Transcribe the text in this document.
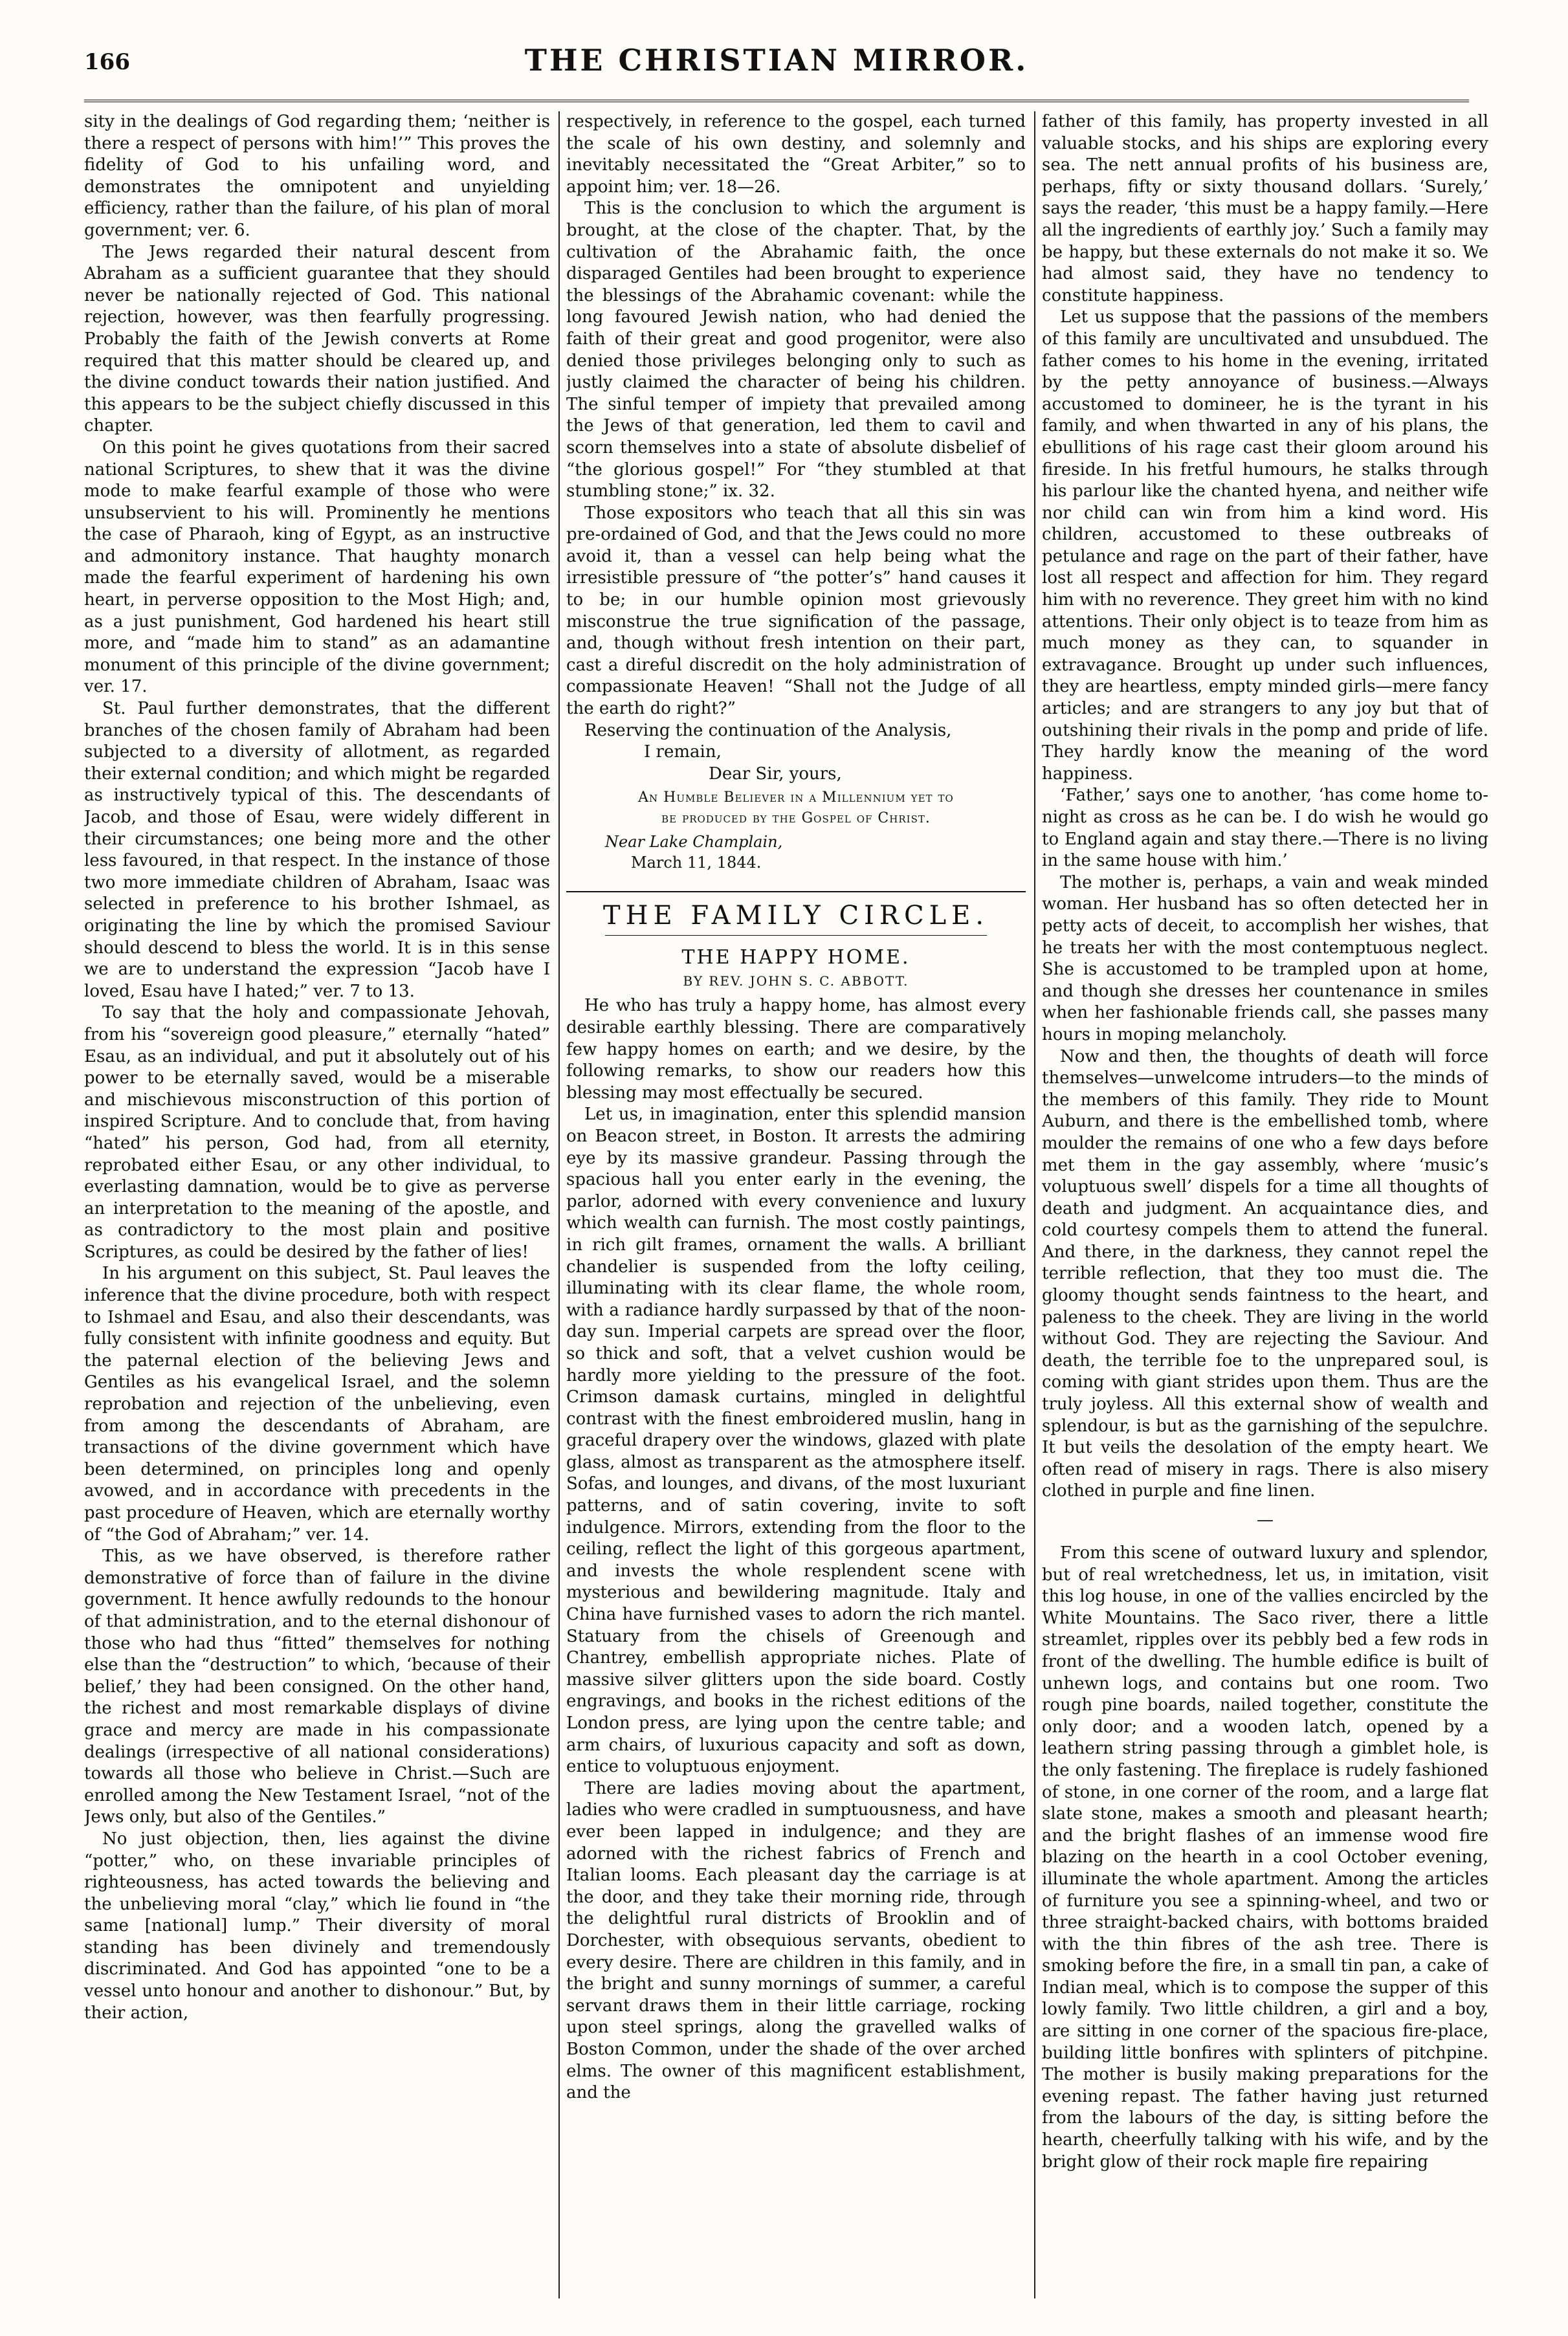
166	THE CHRISTIAN MIRROR.

sity in the dealings of God regarding them; ‘neither is there a respect of persons with him!’” This proves the fidelity of God to his unfailing word, and demonstrates the omnipotent and unyielding efficiency, rather than the failure, of his plan of moral government; ver. 6.

The Jews regarded their natural descent from Abraham as a sufficient guarantee that they should never be nationally rejected of God. This national rejection, however, was then fearfully progressing. Probably the faith of the Jewish converts at Rome required that this matter should be cleared up, and the divine conduct towards their nation justified. And this appears to be the subject chiefly discussed in this chapter.

On this point he gives quotations from their sacred national Scriptures, to shew that it was the divine mode to make fearful example of those who were unsubservient to his will. Prominently he mentions the case of Pharaoh, king of Egypt, as an instructive and admonitory instance. That haughty monarch made the fearful experiment of hardening his own heart, in perverse opposition to the Most High; and, as a just punishment, God hardened his heart still more, and “made him to stand” as an adamantine monument of this principle of the divine government; ver. 17.

St. Paul further demonstrates, that the different branches of the chosen family of Abraham had been subjected to a diversity of allotment, as regarded their external condition; and which might be regarded as instructively typical of this. The descendants of Jacob, and those of Esau, were widely different in their circumstances; one being more and the other less favoured, in that respect. In the instance of those two more immediate children of Abraham, Isaac was selected in preference to his brother Ishmael, as originating the line by which the promised Saviour should descend to bless the world. It is in this sense we are to understand the expression “Jacob have I loved, Esau have I hated;” ver. 7 to 13.

To say that the holy and compassionate Jehovah, from his “sovereign good pleasure,” eternally “hated” Esau, as an individual, and put it absolutely out of his power to be eternally saved, would be a miserable and mischievous misconstruction of this portion of inspired Scripture. And to conclude that, from having “hated” his person, God had, from all eternity, reprobated either Esau, or any other individual, to everlasting damnation, would be to give as perverse an interpretation to the meaning of the apostle, and as contradictory to the most plain and positive Scriptures, as could be desired by the father of lies!

In his argument on this subject, St. Paul leaves the inference that the divine procedure, both with respect to Ishmael and Esau, and also their descendants, was fully consistent with infinite goodness and equity. But the paternal election of the believing Jews and Gentiles as his evangelical Israel, and the solemn reprobation and rejection of the unbelieving, even from among the descendants of Abraham, are transactions of the divine government which have been determined, on principles long and openly avowed, and in accordance with precedents in the past procedure of Heaven, which are eternally worthy of “the God of Abraham;” ver. 14.

This, as we have observed, is therefore rather demonstrative of force than of failure in the divine government. It hence awfully redounds to the honour of that administration, and to the eternal dishonour of those who had thus “fitted” themselves for nothing else than the “destruction” to which, ‘because of their belief,’ they had been consigned. On the other hand, the richest and most remarkable displays of divine grace and mercy are made in his compassionate dealings (irrespective of all national considerations) towards all those who believe in Christ.—Such are enrolled among the New Testament Israel, “not of the Jews only, but also of the Gentiles.”

No just objection, then, lies against the divine “potter,” who, on these invariable principles of righteousness, has acted towards the believing and the unbelieving moral “clay,” which lie found in “the same [national] lump.” Their diversity of moral standing has been divinely and tremendously discriminated. And God has appointed “one to be a vessel unto honour and another to dishonour.” But, by their action,

respectively, in reference to the gospel, each turned the scale of his own destiny, and solemnly and inevitably necessitated the “Great Arbiter,” so to appoint him; ver. 18—26.

This is the conclusion to which the argument is brought, at the close of the chapter. That, by the cultivation of the Abrahamic faith, the once disparaged Gentiles had been brought to experience the blessings of the Abrahamic covenant: while the long favoured Jewish nation, who had denied the faith of their great and good progenitor, were also denied those privileges belonging only to such as justly claimed the character of being his children. The sinful temper of impiety that prevailed among the Jews of that generation, led them to cavil and scorn themselves into a state of absolute disbelief of “the glorious gospel!” For “they stumbled at that stumbling stone;” ix. 32.

Those expositors who teach that all this sin was pre-ordained of God, and that the Jews could no more avoid it, than a vessel can help being what the irresistible pressure of “the potter’s” hand causes it to be; in our humble opinion most grievously misconstrue the true signification of the passage, and, though without fresh intention on their part, cast a direful discredit on the holy administration of compassionate Heaven! “Shall not the Judge of all the earth do right?”

Reserving the continuation of the Analysis,
I remain,
Dear Sir, yours,
An Humble Believer in a Millennium yet to
be produced by the Gospel of Christ.
Near Lake Champlain,
March 11, 1844.
THE FAMILY CIRCLE.
THE HAPPY HOME.
BY REV. JOHN S. C. ABBOTT.

He who has truly a happy home, has almost every desirable earthly blessing. There are comparatively few happy homes on earth; and we desire, by the following remarks, to show our readers how this blessing may most effectually be secured.

Let us, in imagination, enter this splendid mansion on Beacon street, in Boston. It arrests the admiring eye by its massive grandeur. Passing through the spacious hall you enter early in the evening, the parlor, adorned with every convenience and luxury which wealth can furnish. The most costly paintings, in rich gilt frames, ornament the walls. A brilliant chandelier is suspended from the lofty ceiling, illuminating with its clear flame, the whole room, with a radiance hardly surpassed by that of the noon-day sun. Imperial carpets are spread over the floor, so thick and soft, that a velvet cushion would be hardly more yielding to the pressure of the foot. Crimson damask curtains, mingled in delightful contrast with the finest embroidered muslin, hang in graceful drapery over the windows, glazed with plate glass, almost as transparent as the atmosphere itself. Sofas, and lounges, and divans, of the most luxuriant patterns, and of satin covering, invite to soft indulgence. Mirrors, extending from the floor to the ceiling, reflect the light of this gorgeous apartment, and invests the whole resplendent scene with mysterious and bewildering magnitude. Italy and China have furnished vases to adorn the rich mantel. Statuary from the chisels of Greenough and Chantrey, embellish appropriate niches. Plate of massive silver glitters upon the side board. Costly engravings, and books in the richest editions of the London press, are lying upon the centre table; and arm chairs, of luxurious capacity and soft as down, entice to voluptuous enjoyment.

There are ladies moving about the apartment, ladies who were cradled in sumptuousness, and have ever been lapped in indulgence; and they are adorned with the richest fabrics of French and Italian looms. Each pleasant day the carriage is at the door, and they take their morning ride, through the delightful rural districts of Brooklin and of Dorchester, with obsequious servants, obedient to every desire. There are children in this family, and in the bright and sunny mornings of summer, a careful servant draws them in their little carriage, rocking upon steel springs, along the gravelled walks of Boston Common, under the shade of the over arched elms. The owner of this magnificent establishment, and the

father of this family, has property invested in all valuable stocks, and his ships are exploring every sea. The nett annual profits of his business are, perhaps, fifty or sixty thousand dollars. ‘Surely,’ says the reader, ‘this must be a happy family.—Here all the ingredients of earthly joy.’ Such a family may be happy, but these externals do not make it so. We had almost said, they have no tendency to constitute happiness.

Let us suppose that the passions of the members of this family are uncultivated and unsubdued. The father comes to his home in the evening, irritated by the petty annoyance of business.—Always accustomed to domineer, he is the tyrant in his family, and when thwarted in any of his plans, the ebullitions of his rage cast their gloom around his fireside. In his fretful humours, he stalks through his parlour like the chanted hyena, and neither wife nor child can win from him a kind word. His children, accustomed to these outbreaks of petulance and rage on the part of their father, have lost all respect and affection for him. They regard him with no reverence. They greet him with no kind attentions. Their only object is to teaze from him as much money as they can, to squander in extravagance. Brought up under such influences, they are heartless, empty minded girls—mere fancy articles; and are strangers to any joy but that of outshining their rivals in the pomp and pride of life. They hardly know the meaning of the word happiness.

‘Father,’ says one to another, ‘has come home to-night as cross as he can be. I do wish he would go to England again and stay there.—There is no living in the same house with him.’

The mother is, perhaps, a vain and weak minded woman. Her husband has so often detected her in petty acts of deceit, to accomplish her wishes, that he treats her with the most contemptuous neglect. She is accustomed to be trampled upon at home, and though she dresses her countenance in smiles when her fashionable friends call, she passes many hours in moping melancholy.

Now and then, the thoughts of death will force themselves—unwelcome intruders—to the minds of the members of this family. They ride to Mount Auburn, and there is the embellished tomb, where moulder the remains of one who a few days before met them in the gay assembly, where ‘music’s voluptuous swell’ dispels for a time all thoughts of death and judgment. An acquaintance dies, and cold courtesy compels them to attend the funeral. And there, in the darkness, they cannot repel the terrible reflection, that they too must die. The gloomy thought sends faintness to the heart, and paleness to the cheek. They are living in the world without God. They are rejecting the Saviour. And death, the terrible foe to the unprepared soul, is coming with giant strides upon them. Thus are the truly joyless. All this external show of wealth and splendour, is but as the garnishing of the sepulchre. It but veils the desolation of the empty heart. We often read of misery in rags. There is also misery clothed in purple and fine linen.

—

From this scene of outward luxury and splendor, but of real wretchedness, let us, in imitation, visit this log house, in one of the vallies encircled by the White Mountains. The Saco river, there a little streamlet, ripples over its pebbly bed a few rods in front of the dwelling. The humble edifice is built of unhewn logs, and contains but one room. Two rough pine boards, nailed together, constitute the only door; and a wooden latch, opened by a leathern string passing through a gimblet hole, is the only fastening. The fireplace is rudely fashioned of stone, in one corner of the room, and a large flat slate stone, makes a smooth and pleasant hearth; and the bright flashes of an immense wood fire blazing on the hearth in a cool October evening, illuminate the whole apartment. Among the articles of furniture you see a spinning-wheel, and two or three straight-backed chairs, with bottoms braided with the thin fibres of the ash tree. There is smoking before the fire, in a small tin pan, a cake of Indian meal, which is to compose the supper of this lowly family. Two little children, a girl and a boy, are sitting in one corner of the spacious fire-place, building little bonfires with splinters of pitchpine. The mother is busily making preparations for the evening repast. The father having just returned from the labours of the day, is sitting before the hearth, cheerfully talking with his wife, and by the bright glow of their rock maple fire repairing
